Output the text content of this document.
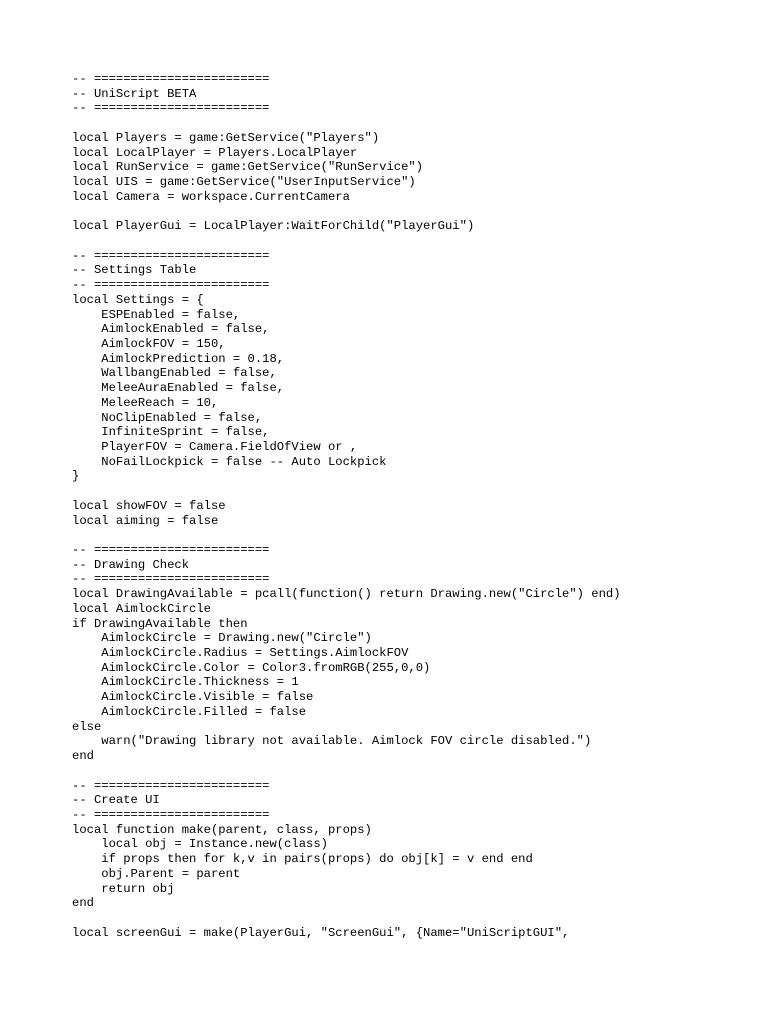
-- ========================
-- UniScript BETA
-- ========================
local Players = game:GetService("Players")
local LocalPlayer = Players.LocalPlayer
local RunService = game:GetService("RunService")
local UIS = game:GetService("UserInputService")
local Camera = workspace.CurrentCamera
local PlayerGui = LocalPlayer:WaitForChild("PlayerGui")
-- ========================
-- Settings Table
-- ========================
local Settings = {
ESPEnabled = false,
AimlockEnabled = false,
AimlockFOV = 150,
AimlockPrediction = 0.18,
WallbangEnabled = false,
MeleeAuraEnabled = false,
MeleeReach = 10,
NoClipEnabled = false,
InfiniteSprint = false,
PlayerFOV = Camera.FieldOfView or ,
NoFailLockpick = false -- Auto Lockpick
}
local showFOV = false
local aiming = false
-- ========================
-- Drawing Check
-- ========================
local DrawingAvailable = pcall(function() return Drawing.new("Circle") end)
local AimlockCircle
if DrawingAvailable then
AimlockCircle = Drawing.new("Circle")
AimlockCircle.Radius = Settings.AimlockFOV
AimlockCircle.Color = Color3.fromRGB(255,0,0)
AimlockCircle.Thickness = 1
AimlockCircle.Visible = false
AimlockCircle.Filled = false
else
warn("Drawing library not available. Aimlock FOV circle disabled.")
end
-- ========================
-- Create UI
-- ========================
local function make(parent, class, props)
local obj = Instance.new(class)
if props then for k,v in pairs(props) do obj[k] = v end end
obj.Parent = parent
return obj
end
local screenGui = make(PlayerGui, "ScreenGui", {Name="UniScriptGUI",
